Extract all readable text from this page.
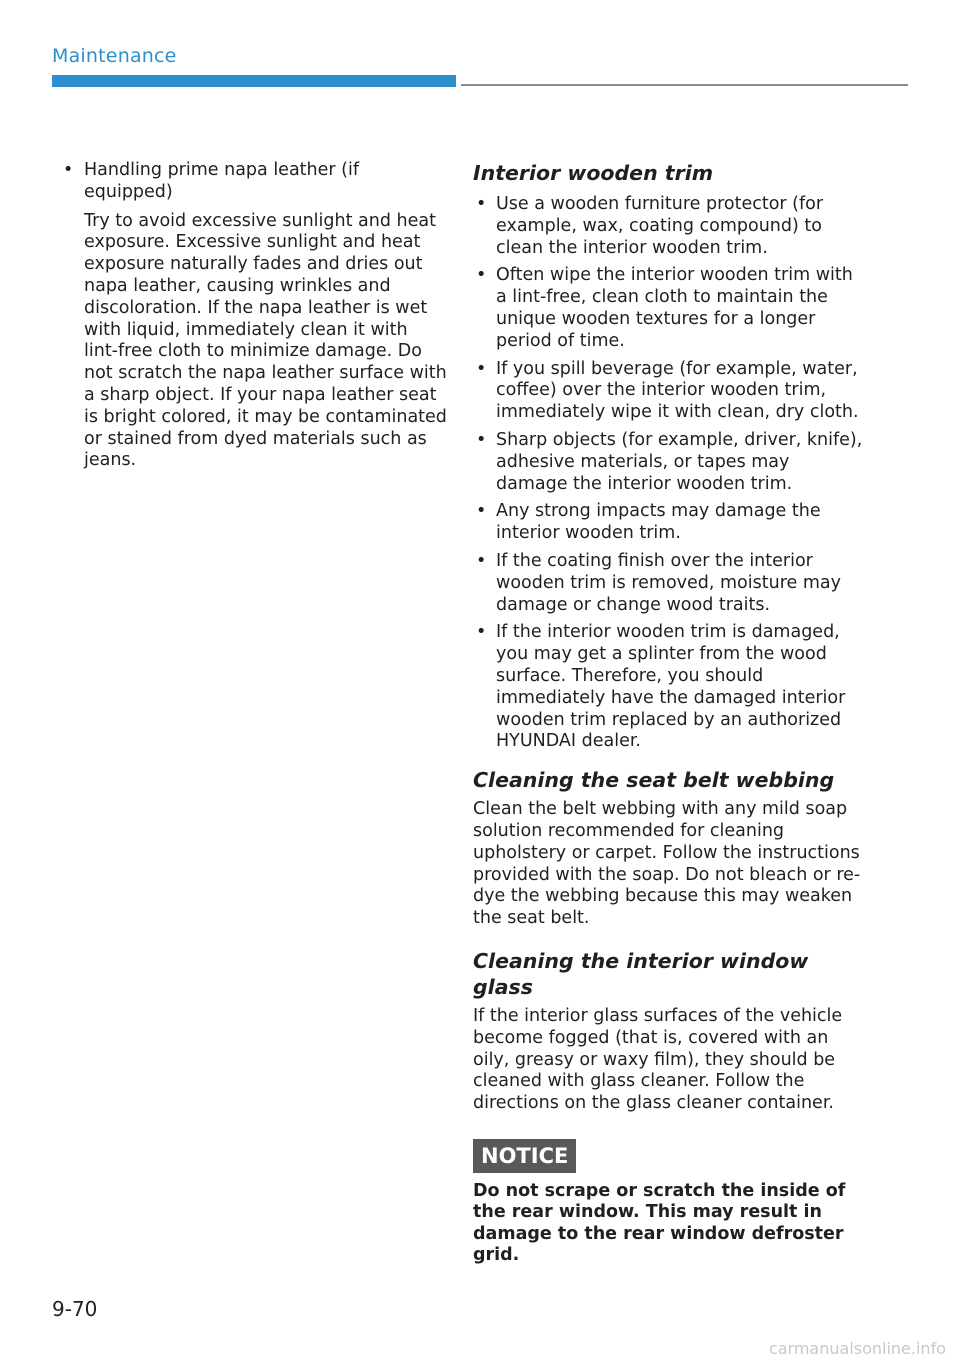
Maintenance
• Handling prime napa leather (if equipped)

Try to avoid excessive sunlight and heat exposure. Excessive sunlight and heat exposure naturally fades and dries out napa leather, causing wrinkles and discoloration. If the napa leather is wet with liquid, immediately clean it with lint-free cloth to minimize damage. Do not scratch the napa leather surface with a sharp object. If your napa leather seat is bright colored, it may be contaminated or stained from dyed materials such as jeans.

Interior wooden trim
• Use a wooden furniture protector (for example, wax, coating compound) to clean the interior wooden trim.
• Often wipe the interior wooden trim with a lint-free, clean cloth to maintain the unique wooden textures for a longer period of time.
• If you spill beverage (for example, water, coffee) over the interior wooden trim, immediately wipe it with clean, dry cloth.
• Sharp objects (for example, driver, knife), adhesive materials, or tapes may damage the interior wooden trim.
• Any strong impacts may damage the interior wooden trim.
• If the coating finish over the interior wooden trim is removed, moisture may damage or change wood traits.
• If the interior wooden trim is damaged, you may get a splinter from the wood surface. Therefore, you should immediately have the damaged interior wooden trim replaced by an authorized HYUNDAI dealer.
Cleaning the seat belt webbing

Clean the belt webbing with any mild soap solution recommended for cleaning upholstery or carpet. Follow the instructions provided with the soap. Do not bleach or re-dye the webbing because this may weaken the seat belt.

Cleaning the interior window glass

If the interior glass surfaces of the vehicle become fogged (that is, covered with an oily, greasy or waxy film), they should be cleaned with glass cleaner. Follow the directions on the glass cleaner container.

NOTICE

Do not scrape or scratch the inside of the rear window. This may result in damage to the rear window defroster grid.

9-70
carmanualsonline.info
